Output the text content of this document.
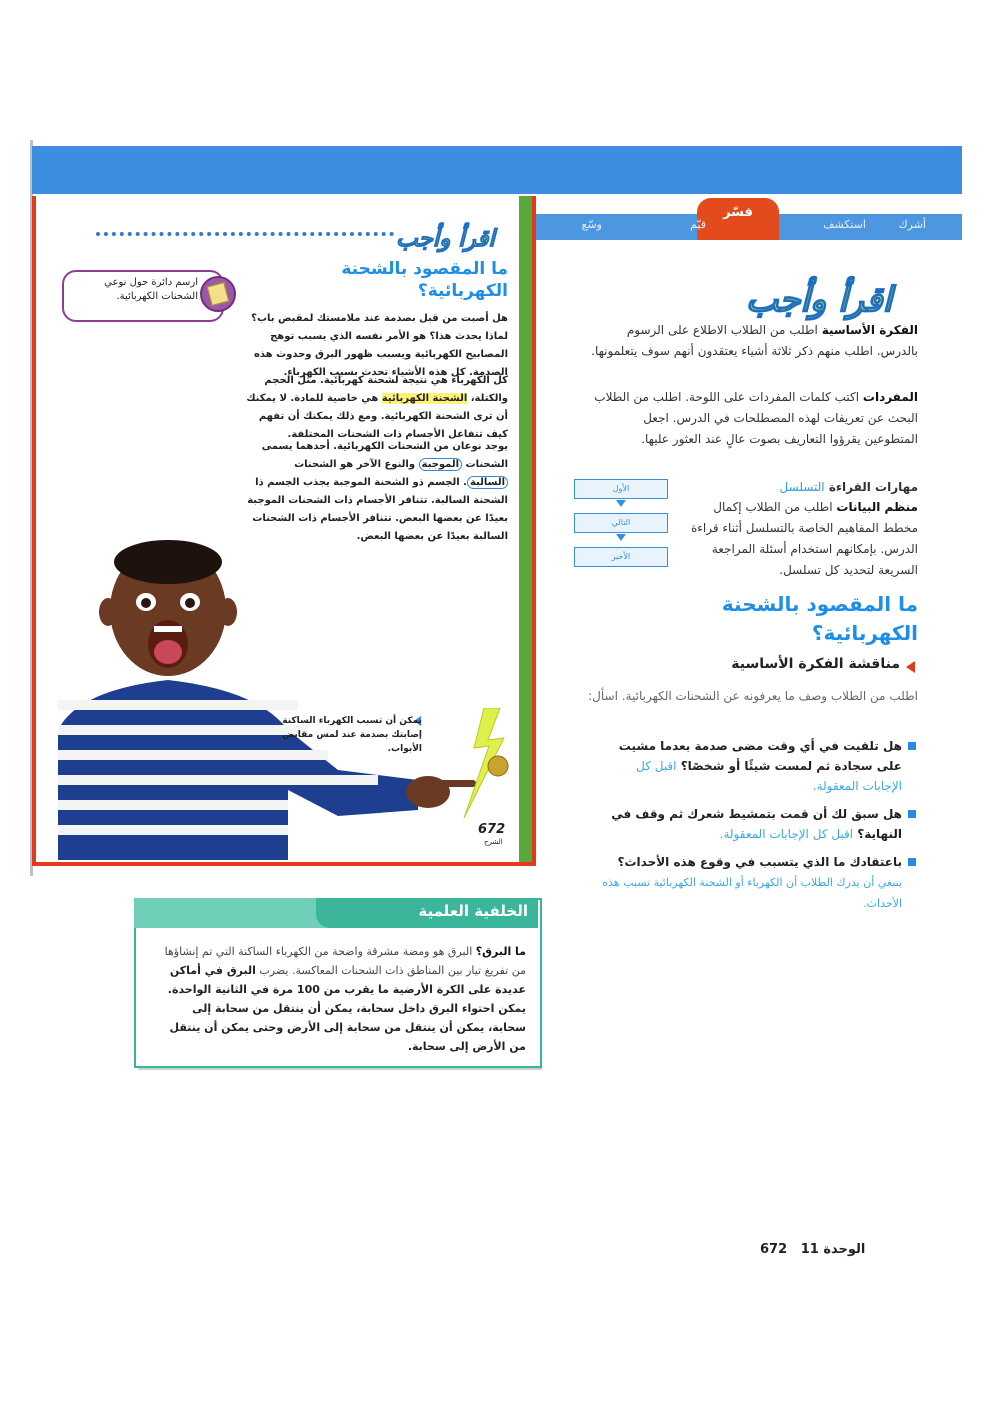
أشرك
استكشف
فسّر
قيّم
وسّع
اقرأ وأجب
ما المقصود بالشحنة الكهربائية؟
ارسم دائرة حول نوعي الشحنات الكهربائية.
هل أصبت من قبل بصدمة عند ملامستك لمقبض باب؟ لماذا يحدث هذا؟ هو الأمر نفسه الذي يسبب توهج المصابيح الكهربائية ويسبب ظهور البرق وحدوث هذه الصدمة. كل هذه الأشياء تحدث بسبب الكهرباء.
كل الكهرباء هي نتيجة لشحنة كهربائية. مثل الحجم والكتلة، الشحنة الكهربائية هي خاصية للمادة. لا يمكنك أن ترى الشحنة الكهربائية. ومع ذلك يمكنك أن تفهم كيف تتفاعل الأجسام ذات الشحنات المختلفة.
يوجد نوعان من الشحنات الكهربائية. أحدهما يسمى الشحنات الموجبة والنوع الآخر هو الشحنات السالبة. الجسم ذو الشحنة الموجبة يجذب الجسم ذا الشحنة السالبة. تتنافر الأجسام ذات الشحنات الموجبة بعيدًا عن بعضها البعض. تتنافر الأجسام ذات الشحنات السالبة بعيدًا عن بعضها البعض.
يمكن أن تسبب الكهرباء الساكنة إصابتك بصدمة عند لمس مقابض الأبواب.
672
الشرح
اقرأ وأجب
الفكرة الأساسية اطلب من الطلاب الاطلاع على الرسوم بالدرس. اطلب منهم ذكر ثلاثة أشياء يعتقدون أنهم سوف يتعلمونها.
المفردات اكتب كلمات المفردات على اللوحة. اطلب من الطلاب البحث عن تعريفات لهذه المصطلحات في الدرس. اجعل المتطوعين يقرؤوا التعاريف بصوت عالٍ عند العثور عليها.
مهارات القراءة التسلسل
منظم البيانات اطلب من الطلاب إكمال مخطط المفاهيم الخاصة بالتسلسل أثناء قراءة الدرس. بإمكانهم استخدام أسئلة المراجعة السريعة لتحديد كل تسلسل.
الأول
التالي
الأخير
ما المقصود بالشحنة الكهربائية؟
مناقشة الفكرة الأساسية
اطلب من الطلاب وصف ما يعرفونه عن الشحنات الكهربائية. اسأل:
هل تلقيت في أي وقت مضى صدمة بعدما مشيت على سجادة ثم لمست شيئًا أو شخصًا؟ اقبل كل الإجابات المعقولة.
هل سبق لك أن قمت بتمشيط شعرك ثم وقف في النهاية؟ اقبل كل الإجابات المعقولة.
باعتقادك ما الذي يتسبب في وقوع هذه الأحداث؟
ينبغي أن يدرك الطلاب أن الكهرباء أو الشحنة الكهربائية تسبب هذه الأحداث.
الخلفية العلمية
ما البرق؟ البرق هو ومضة مشرقة واضحة من الكهرباء الساكنة التي تم إنشاؤها من تفريغ تيار بين المناطق ذات الشحنات المعاكسة. يضرب البرق في أماكن عديدة على الكرة الأرضية ما يقرب من 100 مرة في الثانية الواحدة. يمكن احتواء البرق داخل سحابة، يمكن أن ينتقل من سحابة إلى سحابة، يمكن أن ينتقل من سحابة إلى الأرض وحتى يمكن أن ينتقل من الأرض إلى سحابة.
الوحدة 11   672
